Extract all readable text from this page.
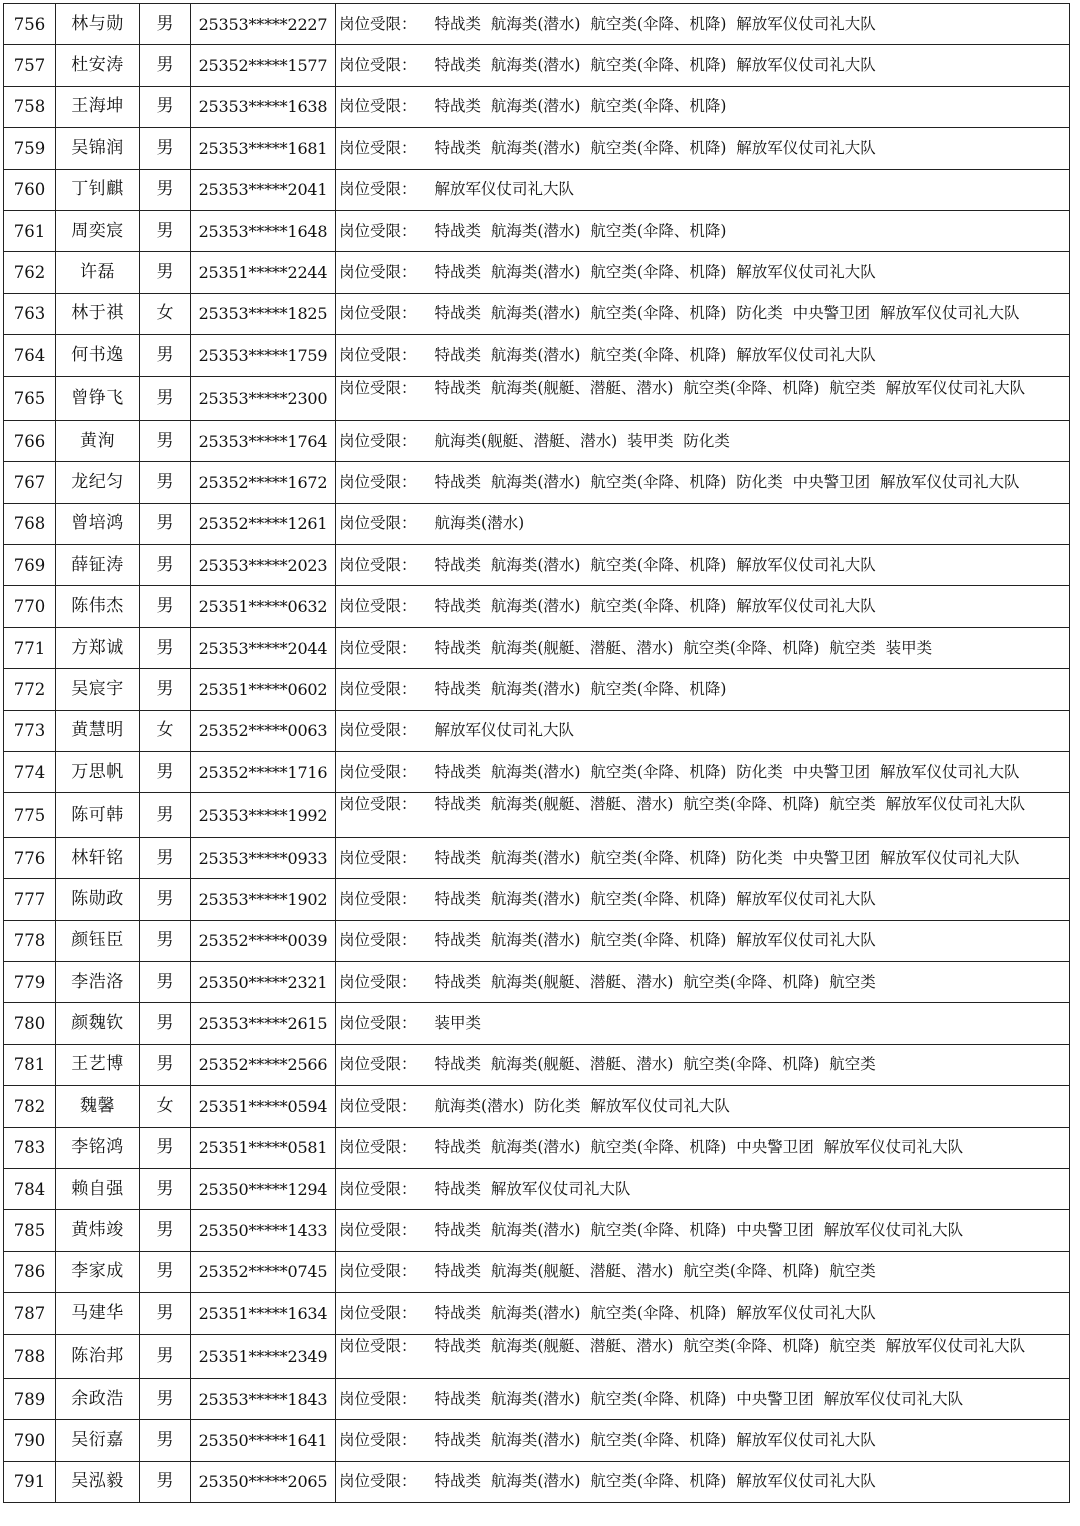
756	林与勋	男	25353*****2227	岗位受限： 特战类  航海类(潜水)  航空类(伞降、机降)  解放军仪仗司礼大队
757	杜安涛	男	25352*****1577	岗位受限： 特战类  航海类(潜水)  航空类(伞降、机降)  解放军仪仗司礼大队
758	王海坤	男	25353*****1638	岗位受限： 特战类  航海类(潜水)  航空类(伞降、机降)
759	吴锦润	男	25353*****1681	岗位受限： 特战类  航海类(潜水)  航空类(伞降、机降)  解放军仪仗司礼大队
760	丁钊麒	男	25353*****2041	岗位受限： 解放军仪仗司礼大队
761	周奕宸	男	25353*****1648	岗位受限： 特战类  航海类(潜水)  航空类(伞降、机降)
762	许磊	男	25351*****2244	岗位受限： 特战类  航海类(潜水)  航空类(伞降、机降)  解放军仪仗司礼大队
763	林于祺	女	25353*****1825	岗位受限： 特战类  航海类(潜水)  航空类(伞降、机降)  防化类  中央警卫团  解放军仪仗司礼大队
764	何书逸	男	25353*****1759	岗位受限： 特战类  航海类(潜水)  航空类(伞降、机降)  解放军仪仗司礼大队
765	曾铮飞	男	25353*****2300	岗位受限： 特战类  航海类(舰艇、潜艇、潜水)  航空类(伞降、机降)  航空类  解放军仪仗司礼大队
766	黄洵	男	25353*****1764	岗位受限： 航海类(舰艇、潜艇、潜水)  装甲类  防化类
767	龙纪匀	男	25352*****1672	岗位受限： 特战类  航海类(潜水)  航空类(伞降、机降)  防化类  中央警卫团  解放军仪仗司礼大队
768	曾培鸿	男	25352*****1261	岗位受限： 航海类(潜水)
769	薛钲涛	男	25353*****2023	岗位受限： 特战类  航海类(潜水)  航空类(伞降、机降)  解放军仪仗司礼大队
770	陈伟杰	男	25351*****0632	岗位受限： 特战类  航海类(潜水)  航空类(伞降、机降)  解放军仪仗司礼大队
771	方郑诚	男	25353*****2044	岗位受限： 特战类  航海类(舰艇、潜艇、潜水)  航空类(伞降、机降)  航空类  装甲类
772	吴宸宇	男	25351*****0602	岗位受限： 特战类  航海类(潜水)  航空类(伞降、机降)
773	黄慧明	女	25352*****0063	岗位受限： 解放军仪仗司礼大队
774	万思帆	男	25352*****1716	岗位受限： 特战类  航海类(潜水)  航空类(伞降、机降)  防化类  中央警卫团  解放军仪仗司礼大队
775	陈可韩	男	25353*****1992	岗位受限： 特战类  航海类(舰艇、潜艇、潜水)  航空类(伞降、机降)  航空类  解放军仪仗司礼大队
776	林轩铭	男	25353*****0933	岗位受限： 特战类  航海类(潜水)  航空类(伞降、机降)  防化类  中央警卫团  解放军仪仗司礼大队
777	陈勋政	男	25353*****1902	岗位受限： 特战类  航海类(潜水)  航空类(伞降、机降)  解放军仪仗司礼大队
778	颜钰臣	男	25352*****0039	岗位受限： 特战类  航海类(潜水)  航空类(伞降、机降)  解放军仪仗司礼大队
779	李浩洛	男	25350*****2321	岗位受限： 特战类  航海类(舰艇、潜艇、潜水)  航空类(伞降、机降)  航空类
780	颜魏钦	男	25353*****2615	岗位受限： 装甲类
781	王艺博	男	25352*****2566	岗位受限： 特战类  航海类(舰艇、潜艇、潜水)  航空类(伞降、机降)  航空类
782	魏馨	女	25351*****0594	岗位受限： 航海类(潜水)  防化类  解放军仪仗司礼大队
783	李铭鸿	男	25351*****0581	岗位受限： 特战类  航海类(潜水)  航空类(伞降、机降)  中央警卫团  解放军仪仗司礼大队
784	赖自强	男	25350*****1294	岗位受限： 特战类  解放军仪仗司礼大队
785	黄炜竣	男	25350*****1433	岗位受限： 特战类  航海类(潜水)  航空类(伞降、机降)  中央警卫团  解放军仪仗司礼大队
786	李家成	男	25352*****0745	岗位受限： 特战类  航海类(舰艇、潜艇、潜水)  航空类(伞降、机降)  航空类
787	马建华	男	25351*****1634	岗位受限： 特战类  航海类(潜水)  航空类(伞降、机降)  解放军仪仗司礼大队
788	陈治邦	男	25351*****2349	岗位受限： 特战类  航海类(舰艇、潜艇、潜水)  航空类(伞降、机降)  航空类  解放军仪仗司礼大队
789	余政浩	男	25353*****1843	岗位受限： 特战类  航海类(潜水)  航空类(伞降、机降)  中央警卫团  解放军仪仗司礼大队
790	吴衍嘉	男	25350*****1641	岗位受限： 特战类  航海类(潜水)  航空类(伞降、机降)  解放军仪仗司礼大队
791	吴泓毅	男	25350*****2065	岗位受限： 特战类  航海类(潜水)  航空类(伞降、机降)  解放军仪仗司礼大队
